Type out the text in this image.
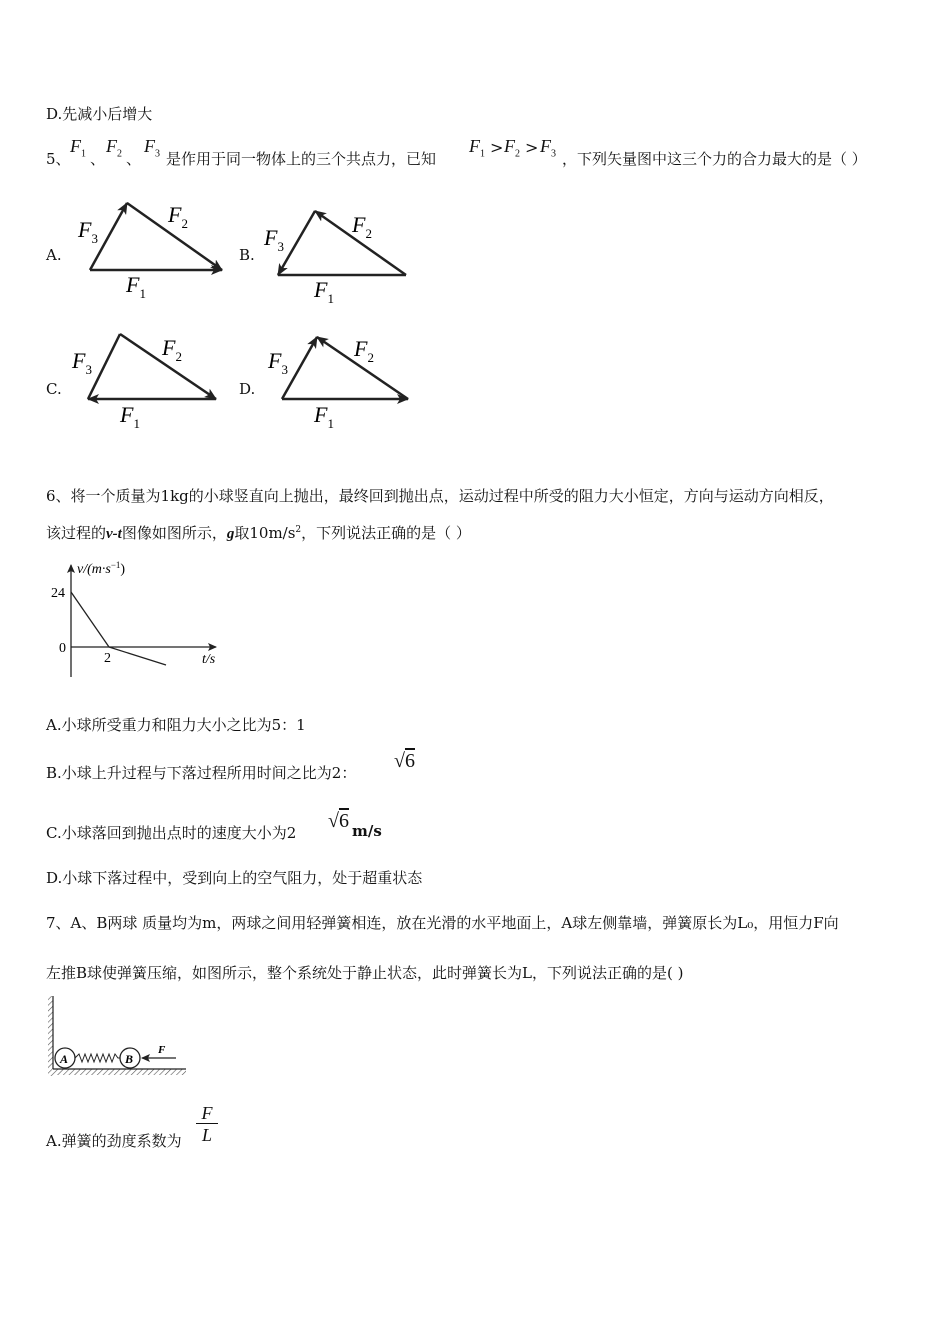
D.先减小后增大
5、
$F_1$ 、
$F_2$ 、
$F_3$ 是作用于同一物体上的三个共点力，已知
$F_1 > F_2 > F_3$ ，下列矢量图中这三个力的合力最大的是（ ）
A.
$F_3$
$F_2$
$F_1$
B.
$F_3$
$F_2$
$F_1$
C.
$F_3$
$F_2$
$F_1$
D.
$F_3$
$F_2$
$F_1$
6、将一个质量为1kg的小球竖直向上抛出，最终回到抛出点，运动过程中所受的阻力大小恒定，方向与运动方向相反，
该过程的v-t图像如图所示，g取$10m/s^2$，下列说法正确的是（ ）
$v/(m\cdot s^{-1})$
24
0
2	t/s
A.小球所受重力和阻力大小之比为5：1
B.小球上升过程与下落过程所用时间之比为2：
√6
C.小球落回到抛出点时的速度大小为2
√6 m/s
D.小球下落过程中，受到向上的空气阻力，处于超重状态
7、A、B两球 质量均为m，两球之间用轻弹簧相连，放在光滑的水平地面上，A球左侧靠墙，弹簧原长为L₀，用恒力F向
左推B球使弹簧压缩，如图所示，整个系统处于静止状态，此时弹簧长为L，下列说法正确的是( )
A	B
F
A.弹簧的劲度系数为 $\frac{F}{L}$
